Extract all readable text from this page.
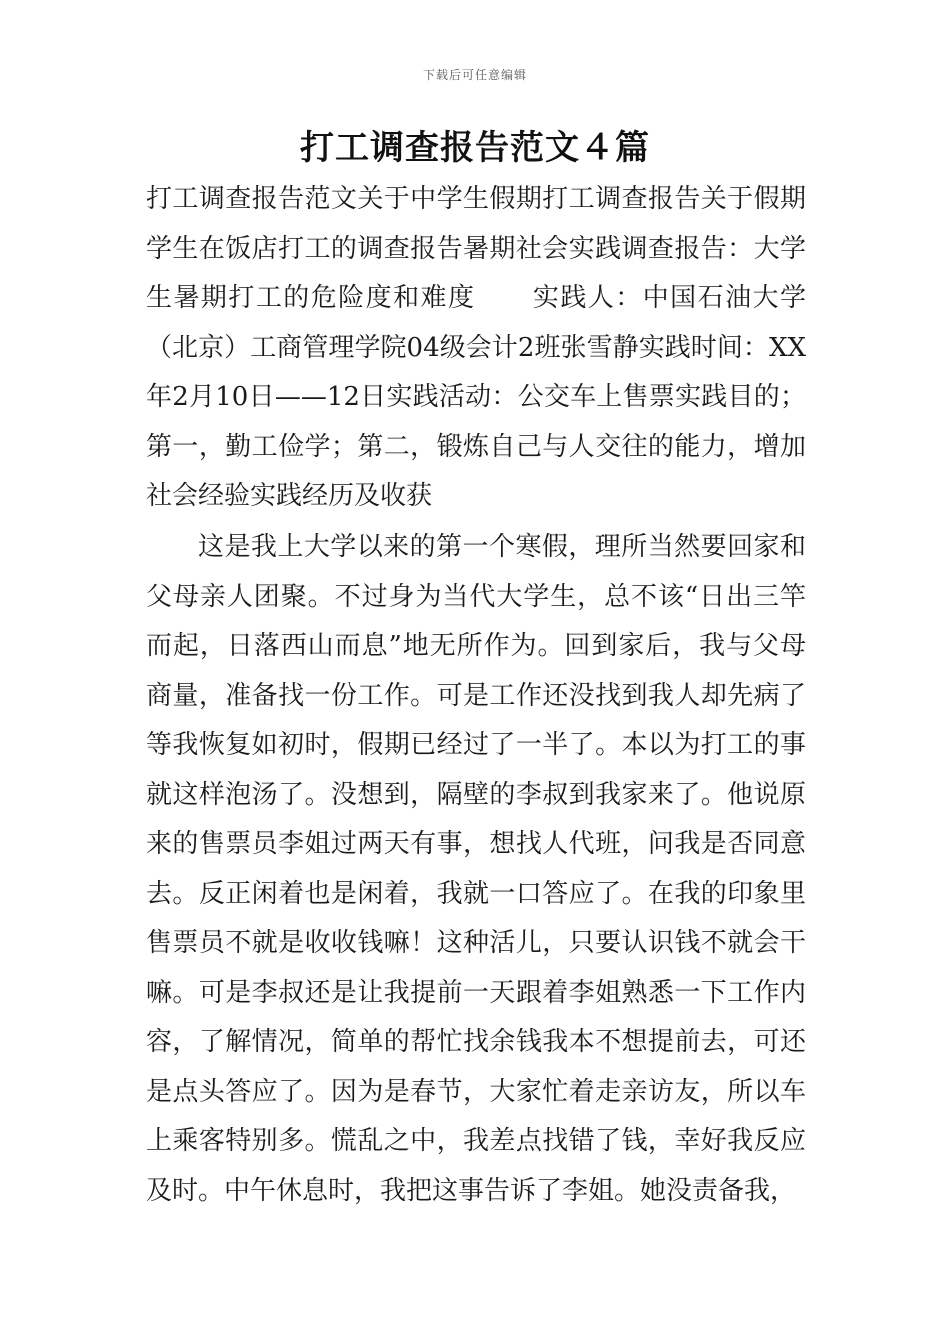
下载后可任意编辑
打工调查报告范文４篇

打工调查报告范文关于中学生假期打工调查报告关于假期学生在饭店打工的调查报告暑期社会实践调查报告：大学生暑期打工的危险度和难度 实践人：中国石油大学（北京）工商管理学院04级会计2班张雪静实践时间：XX年2月10日——12日实践活动：公交车上售票实践目的；第一，勤工俭学；第二，锻炼自己与人交往的能力，增加社会经验实践经历及收获

这是我上大学以来的第一个寒假，理所当然要回家和父母亲人团聚。不过身为当代大学生，总不该“日出三竿而起，日落西山而息”地无所作为。回到家后，我与父母商量，准备找一份工作。可是工作还没找到我人却先病了等我恢复如初时，假期已经过了一半了。本以为打工的事就这样泡汤了。没想到，隔壁的李叔到我家来了。他说原来的售票员李姐过两天有事，想找人代班，问我是否同意去。反正闲着也是闲着，我就一口答应了。在我的印象里售票员不就是收收钱嘛！这种活儿，只要认识钱不就会干嘛。可是李叔还是让我提前一天跟着李姐熟悉一下工作内容，了解情况，简单的帮忙找余钱我本不想提前去，可还是点头答应了。因为是春节，大家忙着走亲访友，所以车上乘客特别多。慌乱之中，我差点找错了钱，幸好我反应及时。中午休息时，我把这事告诉了李姐。她没责备我，
